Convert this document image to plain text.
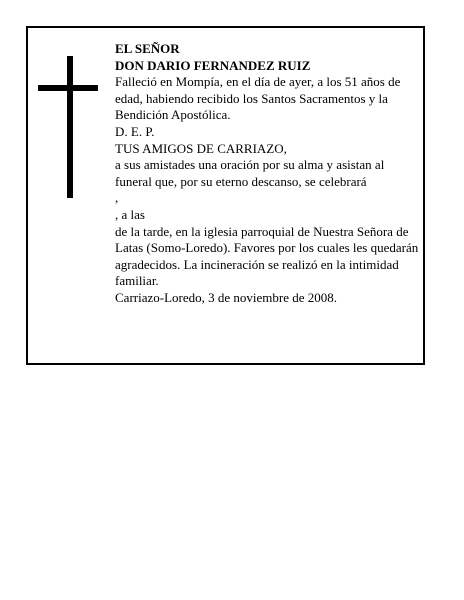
EL SEÑOR

DON DARIO FERNANDEZ RUIZ

Falleció en Mompía, en el día de ayer, a los 51 años de edad, habiendo recibido los Santos Sacramentos y la Bendición Apostólica.

D. E. P.

TUS AMIGOS DE CARRIAZO,

a sus amistades una oración por su alma y asistan al funeral que, por su eterno descanso, se celebrará

,

, a las

de la tarde, en la iglesia parroquial de Nuestra Señora de Latas (Somo-Loredo). Favores por los cuales les quedarán agradecidos. La incineración se realizó en la intimidad familiar.

Carriazo-Loredo, 3 de noviembre de 2008.
